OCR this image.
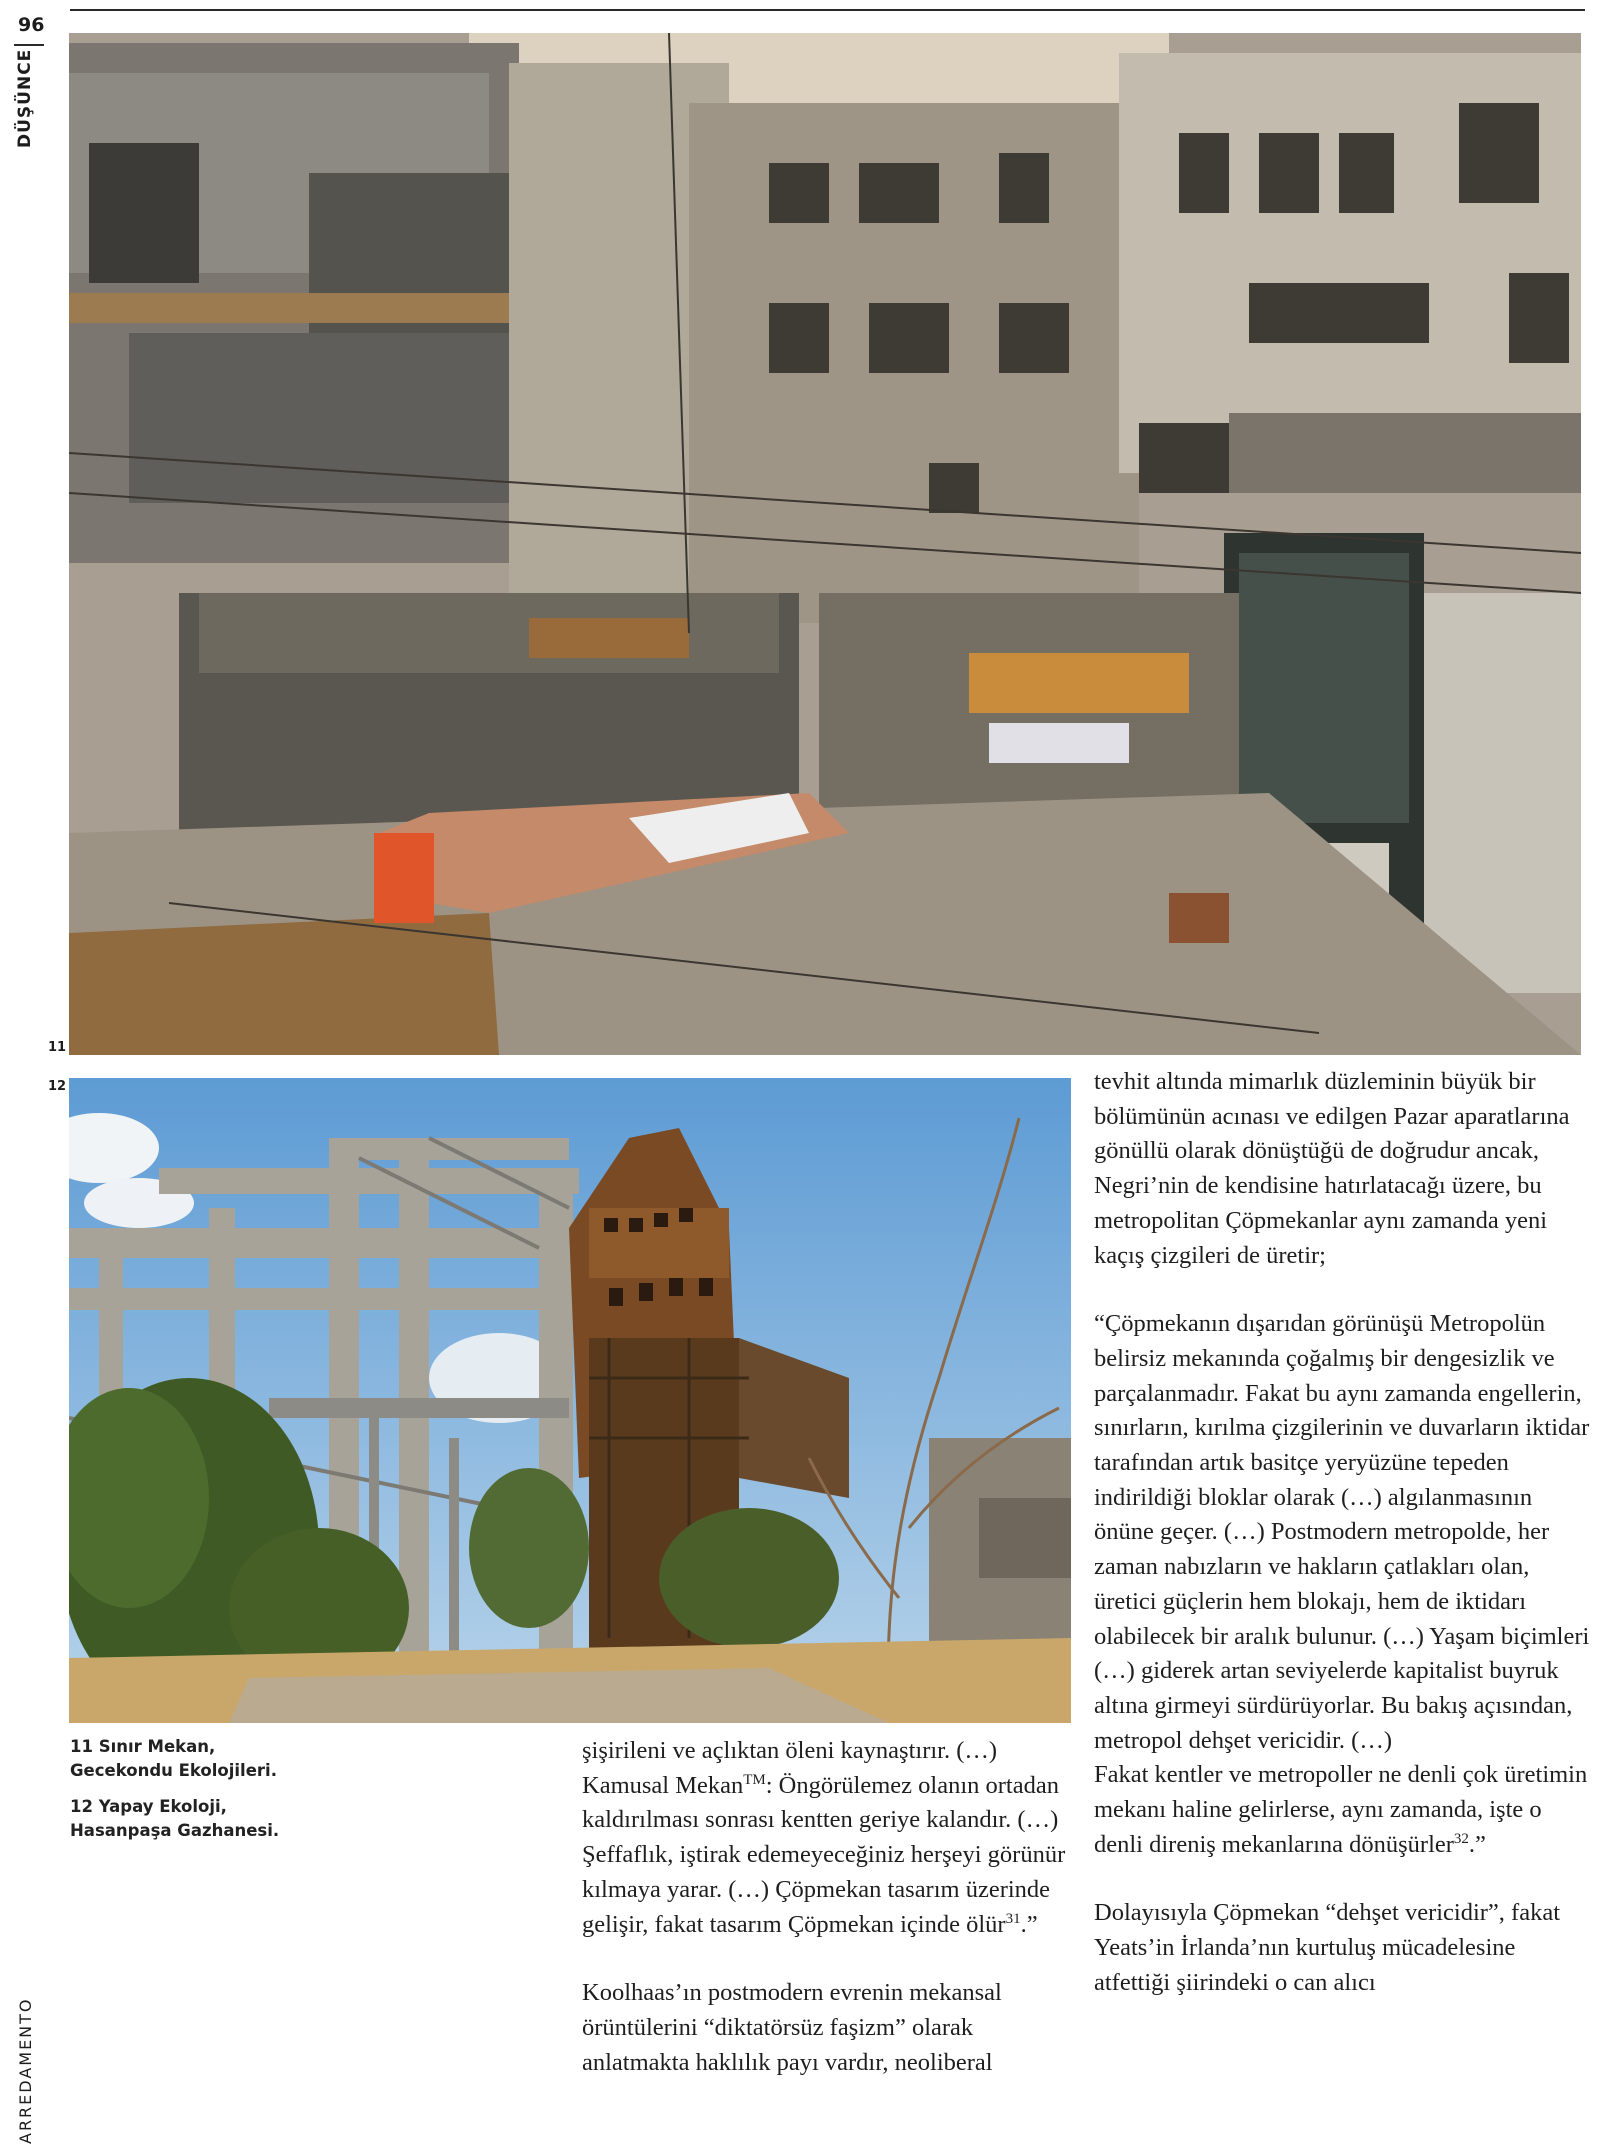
96
DÜŞÜNCE
ARREDAMENTO
11
12

11 Sınır Mekan,
Gecekondu Ekolojileri.

12 Yapay Ekoloji,
Hasanpaşa Gazhanesi.

şişirileni ve açlıktan öleni kaynaştırır. (…) Kamusal Mekan™: Öngörülemez olanın ortadan kaldırılması sonrası kentten geriye kalandır. (…) Şeffaflık, iştirak edemeyeceğiniz herşeyi görünür kılmaya yarar. (…) Çöpmekan tasarım üzerinde gelişir, fakat tasarım Çöpmekan içinde ölür$^{31}$.”

Koolhaas’ın postmodern evrenin mekansal örüntülerini “diktatörsüz faşizm” olarak anlatmakta haklılık payı vardır, neoliberal

tevhit altında mimarlık düzleminin büyük bir bölümünün acınası ve edilgen Pazar aparatlarına gönüllü olarak dönüştüğü de doğrudur ancak, Negri’nin de kendisine hatırlatacağı üzere, bu metropolitan Çöpmekanlar aynı zamanda yeni kaçış çizgileri de üretir;

“Çöpmekanın dışarıdan görünüşü Metropolün belirsiz mekanında çoğalmış bir dengesizlik ve parçalanmadır. Fakat bu aynı zamanda engellerin, sınırların, kırılma çizgilerinin ve duvarların iktidar tarafından artık basitçe yeryüzüne tepeden indirildiği bloklar olarak (…) algılanmasının önüne geçer. (…) Postmodern metropolde, her zaman nabızların ve hakların çatlakları olan, üretici güçlerin hem blokajı, hem de iktidarı olabilecek bir aralık bulunur. (…) Yaşam biçimleri (…) giderek artan seviyelerde kapitalist buyruk altına girmeyi sürdürüyorlar. Bu bakış açısından, metropol dehşet vericidir. (…)
Fakat kentler ve metropoller ne denli çok üretimin mekanı haline gelirlerse, aynı zamanda, işte o denli direniş mekanlarına dönüşürler$^{32}$.”

Dolayısıyla Çöpmekan “dehşet vericidir”, fakat Yeats’in İrlanda’nın kurtuluş mücadelesine atfettiği şiirindeki o can alıcı
